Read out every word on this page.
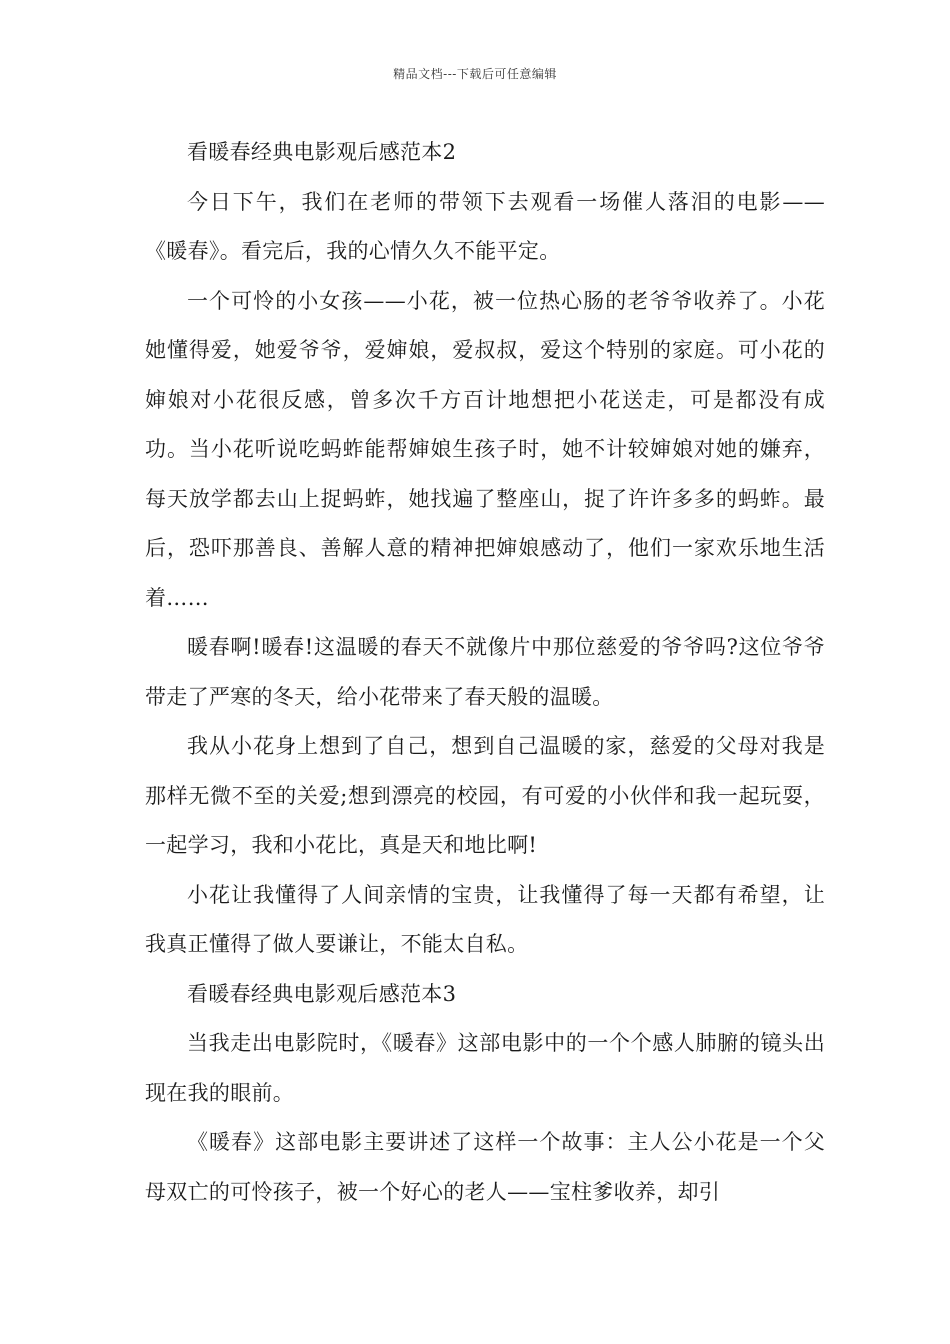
精品文档---下载后可任意编辑

看暖春经典电影观后感范本2

今日下午，我们在老师的带领下去观看一场催人落泪的电影——《暖春》。看完后，我的心情久久不能平定。

一个可怜的小女孩——小花，被一位热心肠的老爷爷收养了。小花她懂得爱，她爱爷爷，爱婶娘，爱叔叔，爱这个特别的家庭。可小花的婶娘对小花很反感，曾多次千方百计地想把小花送走，可是都没有成功。当小花听说吃蚂蚱能帮婶娘生孩子时，她不计较婶娘对她的嫌弃，每天放学都去山上捉蚂蚱，她找遍了整座山，捉了许许多多的蚂蚱。最后，恐吓那善良、善解人意的精神把婶娘感动了，他们一家欢乐地生活着……

暖春啊!暖春!这温暖的春天不就像片中那位慈爱的爷爷吗?这位爷爷带走了严寒的冬天，给小花带来了春天般的温暖。

我从小花身上想到了自己，想到自己温暖的家，慈爱的父母对我是那样无微不至的关爱;想到漂亮的校园，有可爱的小伙伴和我一起玩耍，一起学习，我和小花比，真是天和地比啊!

小花让我懂得了人间亲情的宝贵，让我懂得了每一天都有希望，让我真正懂得了做人要谦让，不能太自私。

看暖春经典电影观后感范本3

当我走出电影院时，《暖春》这部电影中的一个个感人肺腑的镜头出现在我的眼前。

《暖春》这部电影主要讲述了这样一个故事：主人公小花是一个父母双亡的可怜孩子，被一个好心的老人——宝柱爹收养，却引
